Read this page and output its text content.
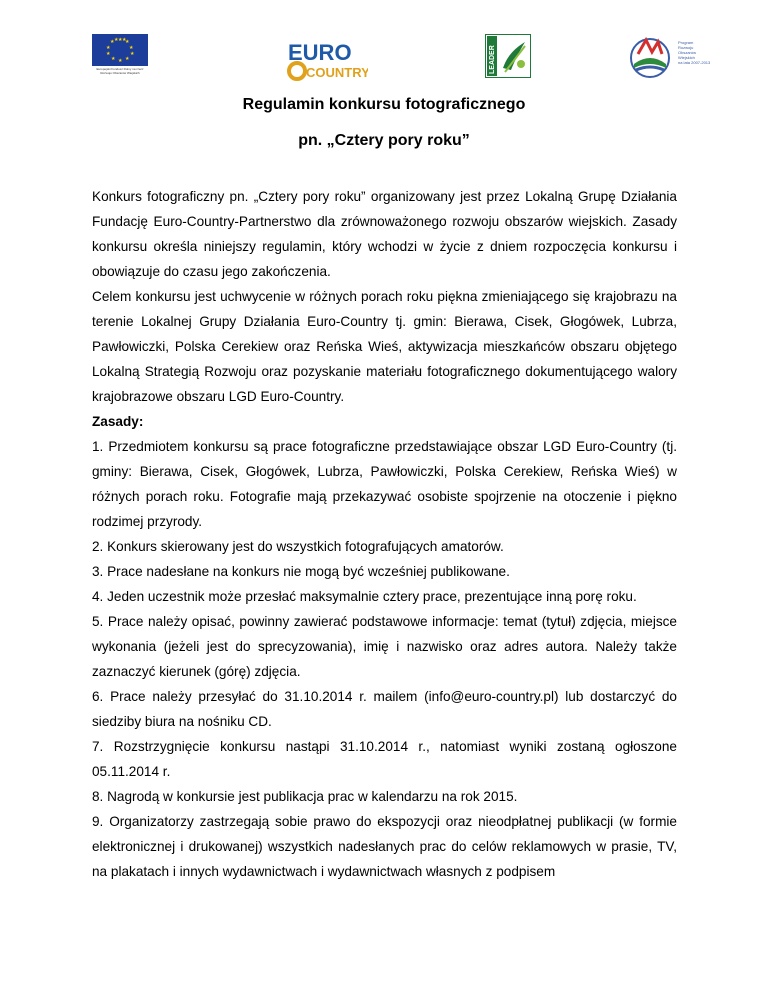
★ ★
★
★
★
★
★
★
★
★ ★ ★
Europejski Fundusz Rolny na rzecz Rozwoju Obszarów Wiejskich
EURO
COUNTRY	LEADER
Program
Rozwoju
Obszarów
Wiejskich
na lata 2007-2013
Regulamin konkursu fotograficznego
pn. „Cztery pory roku”

Konkurs fotograficzny pn. „Cztery pory roku” organizowany jest przez Lokalną Grupę Działania Fundację Euro-Country-Partnerstwo dla zrównoważonego rozwoju obszarów wiejskich. Zasady konkursu określa niniejszy regulamin, który wchodzi w życie z dniem rozpoczęcia konkursu i obowiązuje do czasu jego zakończenia.

Celem konkursu jest uchwycenie w różnych porach roku piękna zmieniającego się krajobrazu na terenie Lokalnej Grupy Działania Euro-Country tj. gmin: Bierawa, Cisek, Głogówek, Lubrza, Pawłowiczki, Polska Cerekiew oraz Reńska Wieś, aktywizacja mieszkańców obszaru objętego Lokalną Strategią Rozwoju oraz pozyskanie materiału fotograficznego dokumentującego walory krajobrazowe obszaru LGD Euro-Country.

Zasady:

1. Przedmiotem konkursu są prace fotograficzne przedstawiające obszar LGD Euro-Country (tj. gminy: Bierawa, Cisek, Głogówek, Lubrza, Pawłowiczki, Polska Cerekiew, Reńska Wieś) w różnych porach roku. Fotografie mają przekazywać osobiste spojrzenie na otoczenie i piękno rodzimej przyrody.

2. Konkurs skierowany jest do wszystkich fotografujących amatorów.

3. Prace nadesłane na konkurs nie mogą być wcześniej publikowane.

4. Jeden uczestnik może przesłać maksymalnie cztery prace, prezentujące inną porę roku.

5. Prace należy opisać, powinny zawierać podstawowe informacje: temat (tytuł) zdjęcia, miejsce wykonania (jeżeli jest do sprecyzowania), imię i nazwisko oraz adres autora. Należy także zaznaczyć kierunek (górę) zdjęcia.

6. Prace należy przesyłać do 31.10.2014 r. mailem (info@euro-country.pl) lub dostarczyć do siedziby biura na nośniku CD.

7. Rozstrzygnięcie konkursu nastąpi 31.10.2014 r., natomiast wyniki zostaną ogłoszone 05.11.2014 r.

8. Nagrodą w konkursie jest publikacja prac w kalendarzu na rok 2015.

9. Organizatorzy zastrzegają sobie prawo do ekspozycji oraz nieodpłatnej publikacji (w formie elektronicznej i drukowanej) wszystkich nadesłanych prac do celów reklamowych w prasie, TV, na plakatach i innych wydawnictwach i wydawnictwach własnych z podpisem
